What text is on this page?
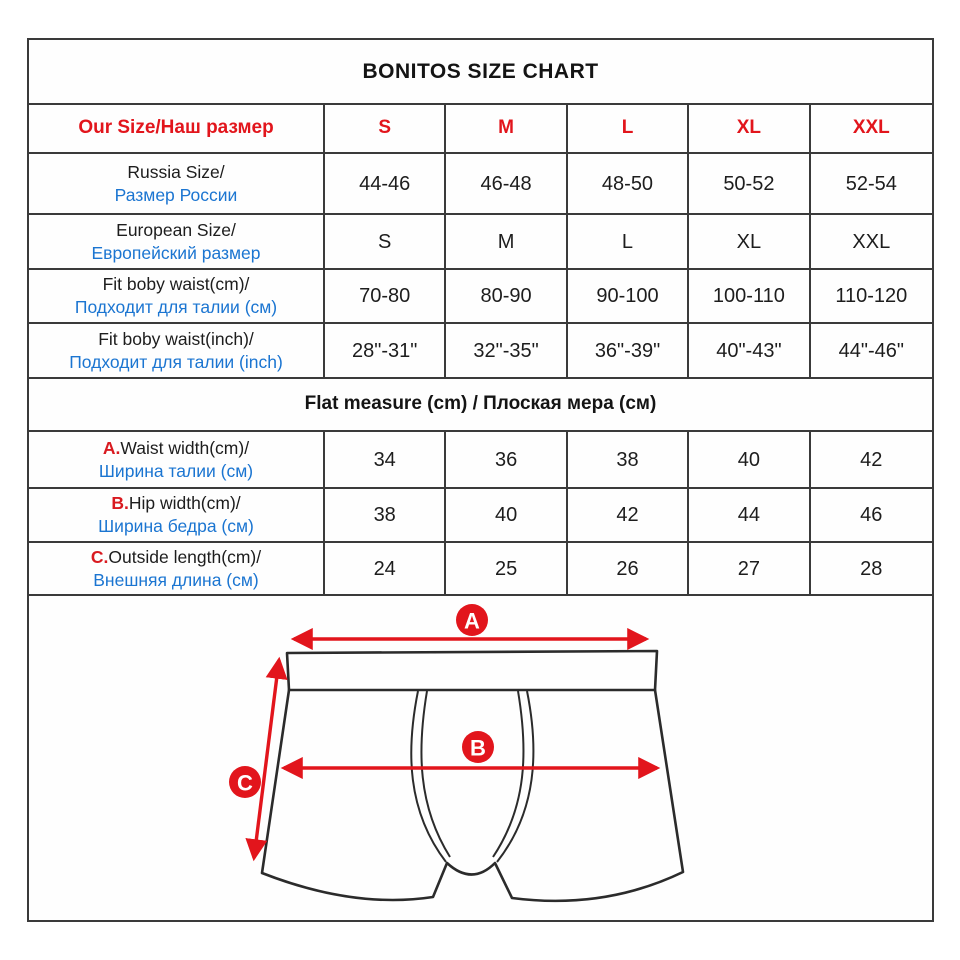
BONITOS SIZE CHART
Our Size/Наш размер	S	M	L	XL	XXL
Russia Size/
Размер России	44-46	46-48	48-50	50-52	52-54
European Size/
Европейский размер	S	M	L	XL	XXL
Fit boby waist(cm)/
Подходит для талии (см)	70-80	80-90	90-100	100-110	110-120
Fit boby waist(inch)/
Подходит для талии (inch)	28"-31"	32"-35"	36"-39"	40"-43"	44"-46"
Flat measure (cm) / Плоская мера (см)
A.Waist width(cm)/
Ширина талии (см)	34	36	38	40	42
B.Hip width(cm)/
Ширина бедра (см)	38	40	42	44	46
C.Outside length(cm)/
Внешняя длина (см)	24	25	26	27	28
A
B
C
